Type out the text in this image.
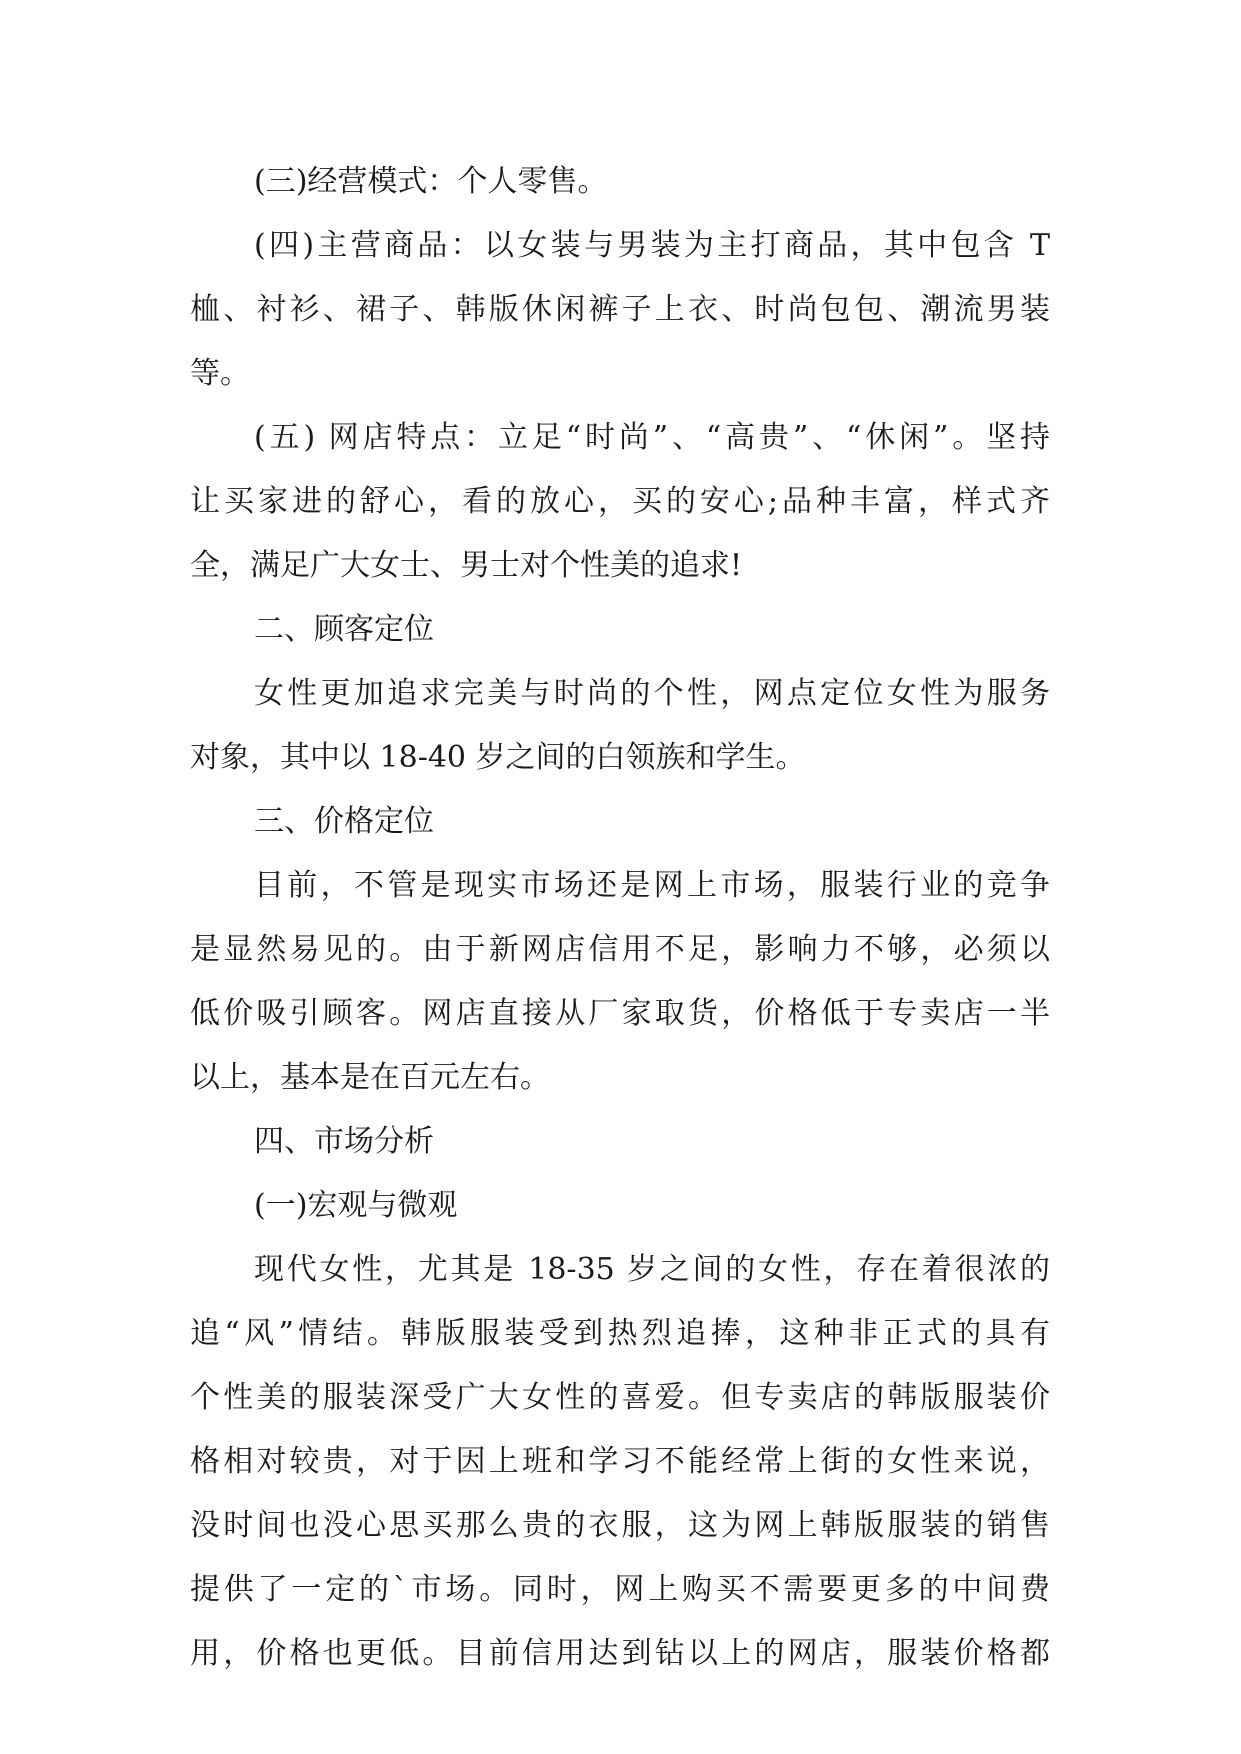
(三)经营模式：个人零售。
(四)主营商品：以女装与男装为主打商品，其中包含 T
桖、衬衫、裙子、韩版休闲裤子上衣、时尚包包、潮流男装
等。
(五) 网店特点：立足“时尚”、“高贵”、“休闲”。坚持
让买家进的舒心，看的放心，买的安心;品种丰富，样式齐
全，满足广大女士、男士对个性美的追求!
二、顾客定位
女性更加追求完美与时尚的个性，网点定位女性为服务
对象，其中以 18-40 岁之间的白领族和学生。
三、价格定位
目前，不管是现实市场还是网上市场，服装行业的竞争
是显然易见的。由于新网店信用不足，影响力不够，必须以
低价吸引顾客。网店直接从厂家取货，价格低于专卖店一半
以上，基本是在百元左右。
四、市场分析
(一)宏观与微观
现代女性，尤其是 18-35 岁之间的女性，存在着很浓的
追“风”情结。韩版服装受到热烈追捧，这种非正式的具有
个性美的服装深受广大女性的喜爱。但专卖店的韩版服装价
格相对较贵，对于因上班和学习不能经常上街的女性来说，
没时间也没心思买那么贵的衣服，这为网上韩版服装的销售
提供了一定的`市场。同时，网上购买不需要更多的中间费
用，价格也更低。目前信用达到钻以上的网店，服装价格都
